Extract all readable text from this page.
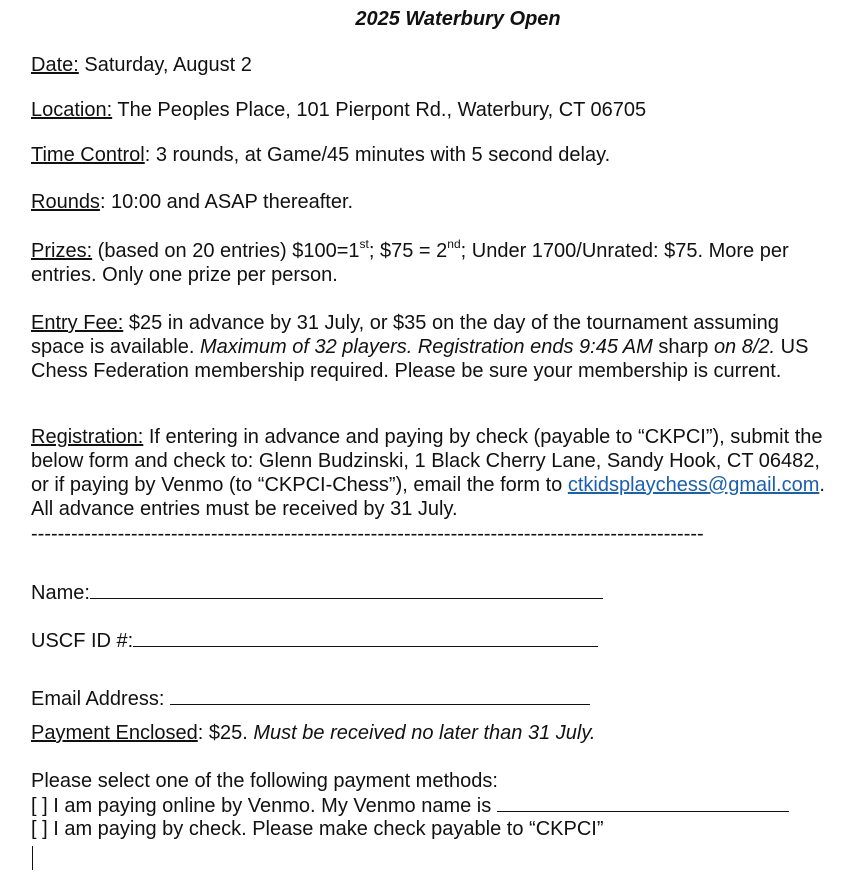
2025 Waterbury Open
Date: Saturday, August 2
Location: The Peoples Place, 101 Pierpont Rd., Waterbury, CT 06705
Time Control: 3 rounds, at Game/45 minutes with 5 second delay.
Rounds: 10:00 and ASAP thereafter.
Prizes: (based on 20 entries) $100=1st; $75 = 2nd; Under 1700/Unrated: $75. More per entries. Only one prize per person.
Entry Fee: $25 in advance by 31 July, or $35 on the day of the tournament assuming space is available. Maximum of 32 players. Registration ends 9:45 AM sharp on 8/2. US Chess Federation membership required. Please be sure your membership is current.
Registration: If entering in advance and paying by check (payable to “CKPCI”), submit the below form and check to: Glenn Budzinski, 1 Black Cherry Lane, Sandy Hook, CT 06482, or if paying by Venmo (to “CKPCI-Chess”), email the form to ctkidsplaychess@gmail.com. All advance entries must be received by 31 July.
-----------------------------------------------------------------------------------------------------
Name:
USCF ID #:
Email Address:
Payment Enclosed: $25. Must be received no later than 31 July.
Please select one of the following payment methods:
[ ] I am paying online by Venmo. My Venmo name is
[ ] I am paying by check. Please make check payable to “CKPCI”
